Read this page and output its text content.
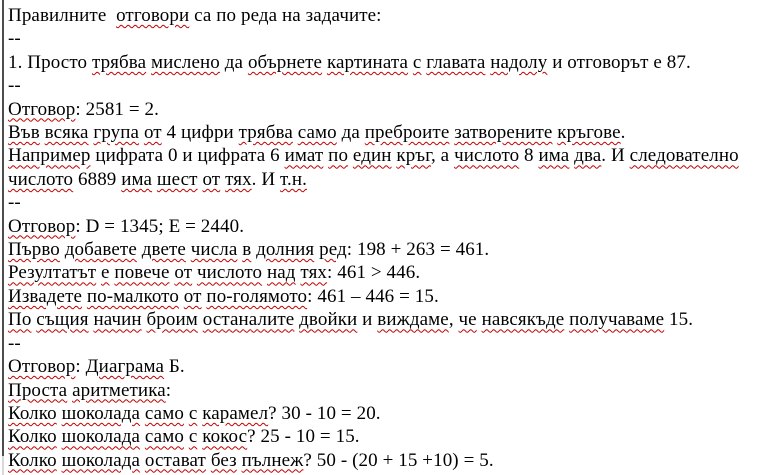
Правилните  отговори са по реда на задачите:
--
1. Просто трябва мислено да обърнете картината с главата надолу и отговорът е 87.
--
Отговор: 2581 = 2.
Във всяка група от 4 цифри трябва само да преброите затворените кръгове.
Например цифрата 0 и цифрата 6 имат по един кръг, а числото 8 има два. И следователно
числото 6889 има шест от тях. И т.н.
--
Отговор: D = 1345; E = 2440.
Първо добавете двете числа в долния ред: 198 + 263 = 461.
Резултатът е повече от числото над тях: 461 > 446.
Извадете по-малкото от по-голямото: 461 – 446 = 15.
По същия начин броим останалите двойки и виждаме, че навсякъде получаваме 15.
--
Отговор: Диаграма Б.
Проста аритметика:
Колко шоколада само с карамел? 30 - 10 = 20.
Колко шоколада само с кокос? 25 - 10 = 15.
Колко шоколада остават без пълнеж? 50 - (20 + 15 +10) = 5.
